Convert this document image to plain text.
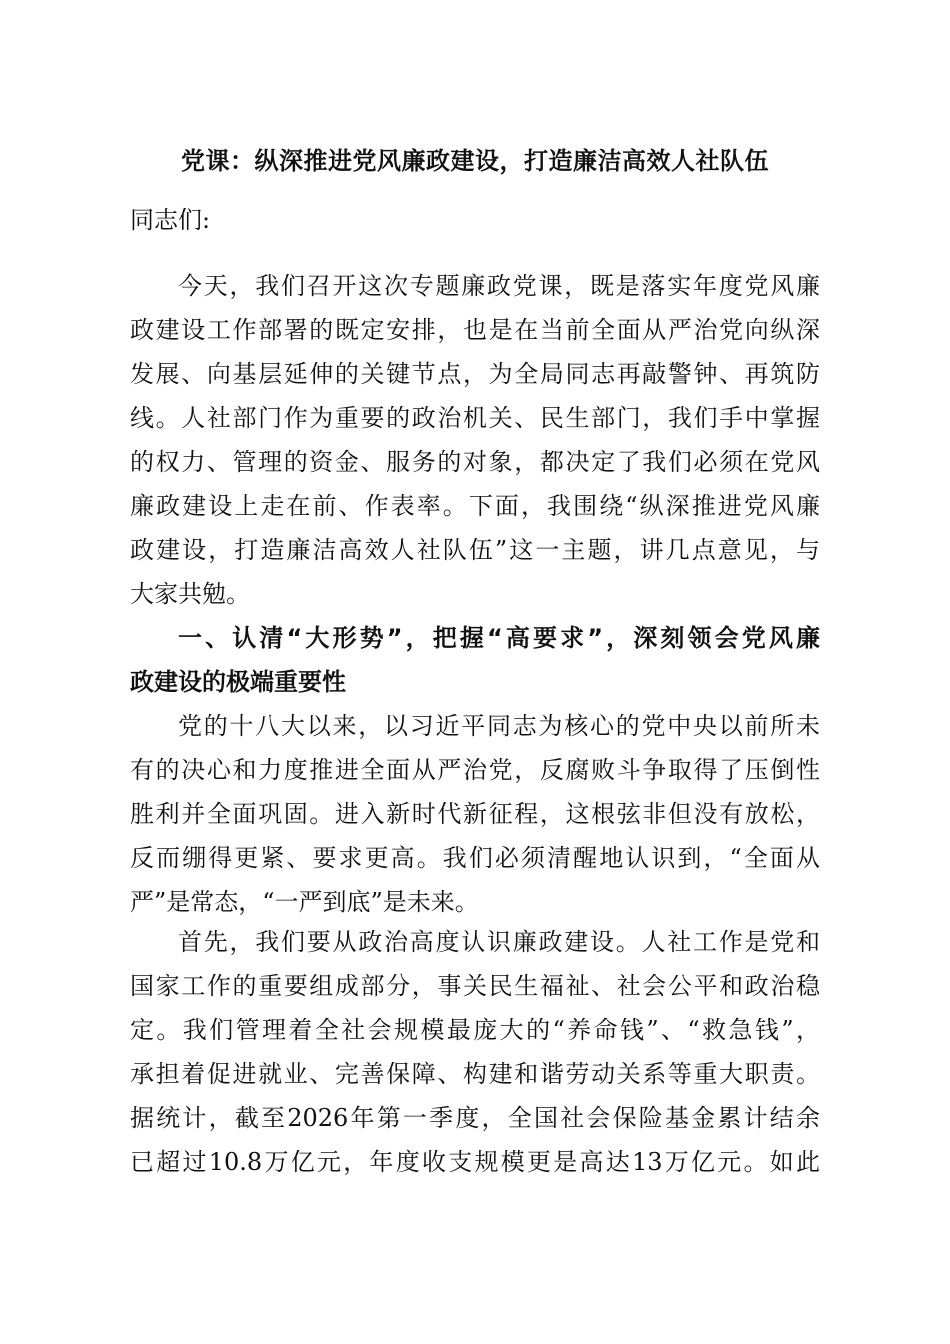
党课：纵深推进党风廉政建设，打造廉洁高效人社队伍
同志们:
今天，我们召开这次专题廉政党课，既是落实年度党风廉
政建设工作部署的既定安排，也是在当前全面从严治党向纵深
发展、向基层延伸的关键节点，为全局同志再敲警钟、再筑防
线。人社部门作为重要的政治机关、民生部门，我们手中掌握
的权力、管理的资金、服务的对象，都决定了我们必须在党风
廉政建设上走在前、作表率。下面，我围绕“纵深推进党风廉
政建设，打造廉洁高效人社队伍”这一主题，讲几点意见，与
大家共勉。
一、认清“大形势”，把握“高要求”，深刻领会党风廉
政建设的极端重要性
党的十八大以来，以习近平同志为核心的党中央以前所未
有的决心和力度推进全面从严治党，反腐败斗争取得了压倒性
胜利并全面巩固。进入新时代新征程，这根弦非但没有放松，
反而绷得更紧、要求更高。我们必须清醒地认识到，“全面从
严”是常态，“一严到底”是未来。
首先，我们要从政治高度认识廉政建设。人社工作是党和
国家工作的重要组成部分，事关民生福祉、社会公平和政治稳
定。我们管理着全社会规模最庞大的“养命钱”、“救急钱”，
承担着促进就业、完善保障、构建和谐劳动关系等重大职责。
据统计，截至2026年第一季度，全国社会保险基金累计结余
已超过10.8万亿元，年度收支规模更是高达13万亿元。如此
